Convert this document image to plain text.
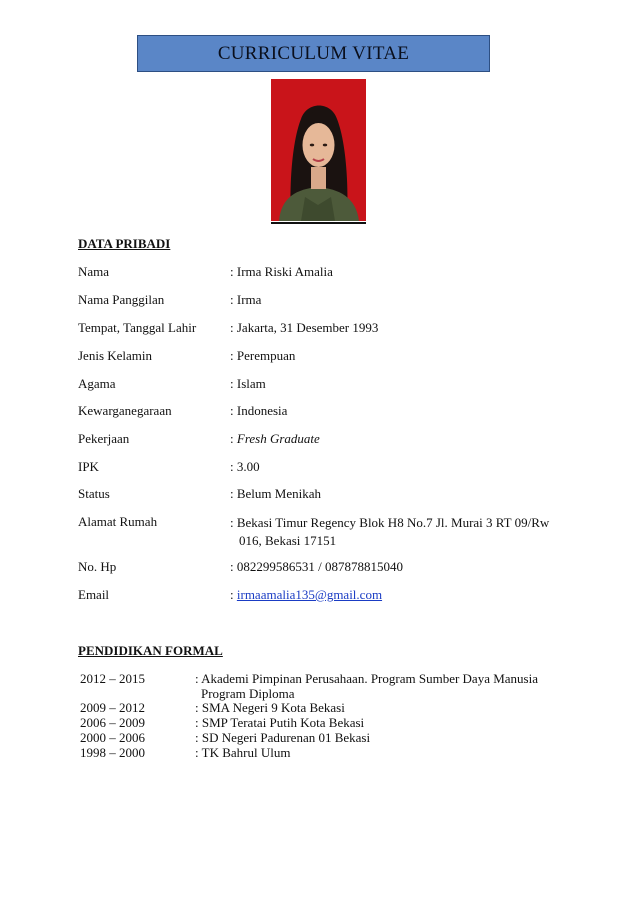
CURRICULUM VITAE
DATA PRIBADI
Nama	: Irma Riski Amalia
Nama Panggilan	: Irma
Tempat, Tanggal Lahir	: Jakarta, 31 Desember 1993
Jenis Kelamin	: Perempuan
Agama	: Islam
Kewarganegaraan	: Indonesia
Pekerjaan	: Fresh Graduate
IPK	: 3.00
Status	: Belum Menikah
Alamat Rumah	: Bekasi Timur Regency Blok H8 No.7 Jl. Murai 3 RT 09/Rw
016, Bekasi 17151
No. Hp	: 082299586531 / 087878815040
Email	: irmaamalia135@gmail.com
PENDIDIKAN FORMAL
2012 – 2015	: Akademi Pimpinan Perusahaan. Program Sumber Daya Manusia
Program Diploma
2009 – 2012	: SMA Negeri 9 Kota Bekasi
2006 – 2009	: SMP Teratai Putih Kota Bekasi
2000 – 2006	: SD Negeri Padurenan 01 Bekasi
1998 – 2000	: TK Bahrul Ulum
